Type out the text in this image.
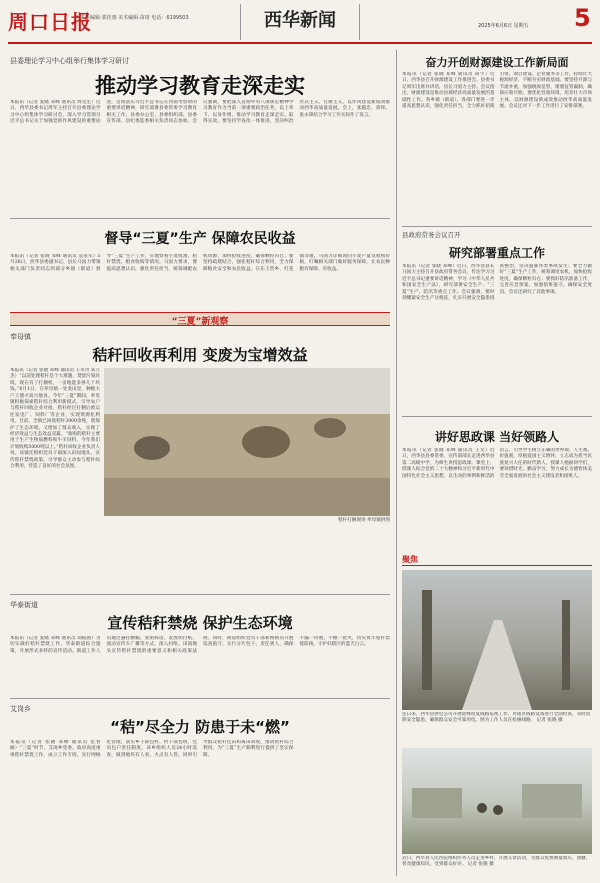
周口日报
责任编辑·郭佳惠 美术编辑·苗琦 电话：6199503	西华新闻	2025年6月6日 星期五 5
县委理论学习中心组举行集体学习研讨
推动学习教育走深走实
本报讯（记者 张晓 邓峰 通讯员 周克宏）近日，西华县委书记周军主持召开县委理论学习中心组集体学习研讨会，深入学习贯彻习近平总书记关于加强党的作风建设的重要论述，贯彻落实习近平总书记在河南考察时的重要讲话精神，研究部署县委常委学习教育相关工作。县委办公室、县委组织部、县委宣传部、县纪委监委相关负责同志参加。会议强调，要把深入贯彻中央八项规定精神学习教育作为当前一项重要政治任务，以上率下、以身作则，推动学习教育走深走实、取得实效。要坚持学查改一体推进，坚决纠治形式主义、官僚主义，以作风建设新成效推动西华高质量发展。会上，张越忠、蒋炜、张永锋结合学习工作实际作了发言。
督导“三夏”生产 保障农民收益
本报讯（记者 张晓 邓峰 通讯员 袁泉军）5月26日，西华县委副书记、县长马国力带领相关部门负责同志到部分乡镇（街道）督导“三夏”生产工作，实地察看小麦收割、秸秆禁烧、粮食收购等情况。马国力要求，要提高思想认识，强化责任担当，统筹调配农机资源，加快抢收进度，确保颗粒归仓；要坚持疏堵结合，强化秸秆综合利用，全力保障粮食安全和农民收益。在东王营乡、红花镇等地，马国力详细询问小麦产量及收购价格，叮嘱相关部门做好服务保障，让农民种粮有保障、有收益。
“三夏”新观察
奉母镇
秸秆回收再利用 变废为宝增效益
本报讯（记者 张晓 邓峰 通讯员 王永奇 朱立杰）“以前处理秸秆是个大难题，焚烧污染环境，现在有了打捆机，一亩地能多挣几十块钱。”6月1日，在奉母镇一处麦田里，种粮大户王德才高兴地说。今年“三夏”期间，奉母镇积极探索秸秆综合利用新模式，引导农户与秸秆回收企业对接，秸秆经过打捆后被运往发电厂、饲料厂等企业，实现资源化利用。目前，全镇已回收秸秆3000余吨，既保护了生态环境，又增加了群众收入，实现了经济效益与生态效益双赢。“收购的秸秆主要用于生产生物质燃料和牛羊饲料，今年我们计划收购5000吨以上。”秸秆回收企业负责人说。该镇还组织党员干部深入田间地头，宣传秸秆禁烧政策，引导群众主动参与秸秆综合利用，营造了良好的社会氛围。
秸秆打捆现场 奉母镇供图
华泰街道
宣传秸秆禁烧 保护生态环境
本报讯（记者 张晓 邓峰 通讯员 刘振国）为切实做好秸秆禁烧工作，华泰街道综合施策，开展形式多样的宣传活动。街道工作人员通过悬挂横幅、张贴标语、发放明白纸、流动宣传车广播等方式，深入村组、田间地头宣传秸秆禁烧的重要意义和相关政策法规。同时，街道组织党员干部和网格员开展巡查值守，实行分片包干、责任到人，确保不漏一块地、不燃一把火，切实筑牢秸秆禁烧防线，守护好辖区的蓝天白云。
艾岗乡
“秸”尽全力 防患于未“燃”
本报讯（记者 张晓 邓峰 通讯员 范春丽）“三夏”时节，艾岗乡党委、政府高度重视秸秆禁烧工作，成立工作专班，实行网格化管理，落实乡干部包村、村干部包组、党员包户责任制度。该乡组织人员24小时巡查，做到地块有人看、火点有人管，同时引导群众秸秆还田和离田回收，推动秸秆综合利用，为“三夏”生产顺利进行提供了坚实保障。
奋力开创财源建设工作新局面
本报讯（记者 张晓 邓峰 通讯员 尚宇）近日，西华县召开财源建设工作推进会。县委书记周军出席并讲话，县长马国力主持。会议指出，财源建设是推动县域经济高质量发展的基础性工作。各乡镇（街道）、各部门要进一步提高思想认识，强化责任担当，全力抓好招商引资、项目建设、企业服务等工作，持续壮大税源经济，不断夯实财政基础。要坚持开源与节流并重，加强税收征管，堵塞征管漏洞，确保应收尽收；要优化营商环境，培育壮大市场主体，以财源建设新成效推动西华高质量发展。会议还对下一步工作进行了安排部署。
县政府常务会议召开
研究部署重点工作
本报讯（记者 张晓 邓峰）近日，西华县县长马国力主持召开县政府常务会议，传达学习习近平总书记重要讲话精神，学习《中华人民共和国安全生产法》，研究部署安全生产、“三夏”生产、防汛等重点工作。会议强调，要时刻绷紧安全生产这根弦，扎实开展安全隐患排查整治，坚决遏制各类事故发生；要全力做好“三夏”生产工作，统筹调度农机，加快抢收进度，确保颗粒归仓；要抓好防汛准备工作，完善应急预案，加强值班值守，确保安全度汛。会议还研究了其他事项。
讲好思政课 当好领路人
本报讯（记者 张晓 邓峰 通讯员 王文）近日，西华县县委常委、宣传部部长走进西华县第二高级中学，为师生讲授思政课。课堂上，授课人结合党的二十大精神和习近平新时代中国特色社会主义思想，以生动的事例和鲜活的语言，引导学生树立正确的世界观、人生观、价值观，厚植爱国主义情怀，立志成为担当民族复兴大任的时代新人。授课人勉励同学们，要珍惜时光、勤奋学习，努力成长为德智体美劳全面发展的社会主义建设者和接班人。
聚焦
连日来，西华县供电公司开展迎峰度夏线路巡视工作，对辖区线路设备进行全面检查，及时消除安全隐患，确保群众安全可靠用电。图为工作人员在检修线路。 记者 张晓 摄
近日，西华县人民医院组织医务人员走进乡村，开展义诊活动，为群众免费测量血压、血糖，普及健康知识，受到群众好评。 记者 张晓 摄
